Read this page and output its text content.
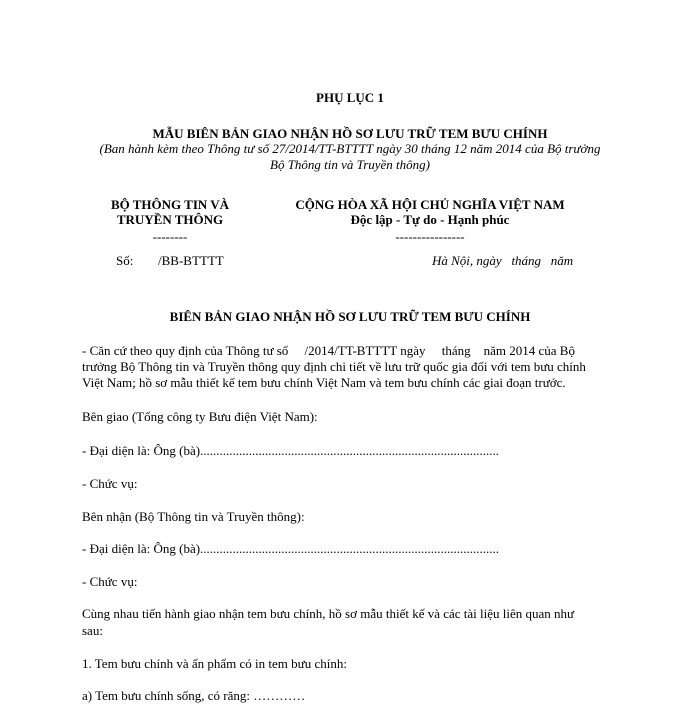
PHỤ LỤC 1
MẪU BIÊN BẢN GIAO NHẬN HỒ SƠ LƯU TRỮ TEM BƯU CHÍNH
(Ban hành kèm theo Thông tư số 27/2014/TT-BTTTT ngày 30 tháng 12 năm 2014 của Bộ trưởng
Bộ Thông tin và Truyền thông)
BỘ THÔNG TIN VÀ
TRUYỀN THÔNG
--------
CỘNG HÒA XÃ HỘI CHỦ NGHĨA VIỆT NAM
Độc lập - Tự do - Hạnh phúc
----------------
Số: /BB-BTTTT	Hà Nội, ngày   tháng   năm
BIÊN BẢN GIAO NHẬN HỒ SƠ LƯU TRỮ TEM BƯU CHÍNH
- Căn cứ theo quy định của Thông tư số     /2014/TT-BTTTT ngày     tháng    năm 2014 của Bộ
trưởng Bộ Thông tin và Truyền thông quy định chi tiết về lưu trữ quốc gia đối với tem bưu chính
Việt Nam; hồ sơ mẫu thiết kế tem bưu chính Việt Nam và tem bưu chính các giai đoạn trước.
Bên giao (Tổng công ty Bưu điện Việt Nam):
- Đại diện là: Ông (bà)............................................................................................
- Chức vụ:
Bên nhận (Bộ Thông tin và Truyền thông):
- Đại diện là: Ông (bà)............................................................................................
- Chức vụ:
Cùng nhau tiến hành giao nhận tem bưu chính, hồ sơ mẫu thiết kế và các tài liệu liên quan như
sau:
1. Tem bưu chính và ấn phẩm có in tem bưu chính:
a) Tem bưu chính sống, có răng: …………
